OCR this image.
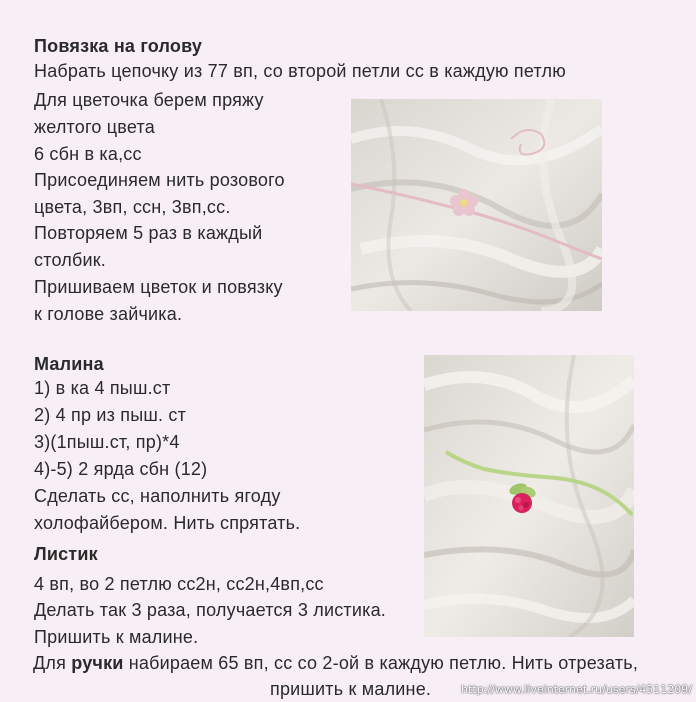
Повязка на голову
Набрать цепочку из 77 вп, со второй петли сс в каждую петлю
Для цветочка берем пряжу
желтого цвета
6 сбн в ка,сс
Присоединяем нить розового
цвета, 3вп, ссн, 3вп,сс.
Повторяем 5 раз в каждый
столбик.
Пришиваем цветок и повязку
к голове зайчика.
Малина
1) в ка 4 пыш.ст
2) 4 пр из пыш. ст
3)(1пыш.ст, пр)*4
4)-5) 2 ярда сбн (12)
Сделать сс, наполнить ягоду
холофайбером. Нить спрятать.
Листик
4 вп, во 2 петлю сс2н, сс2н,4вп,сс
Делать так 3 раза, получается 3 листика.
Пришить к малине.
Для ручки набираем 65 вп, сс со 2-ой в каждую петлю. Нить отрезать,
пришить к малине.	http://www.liveinternet.ru/users/4511209/
